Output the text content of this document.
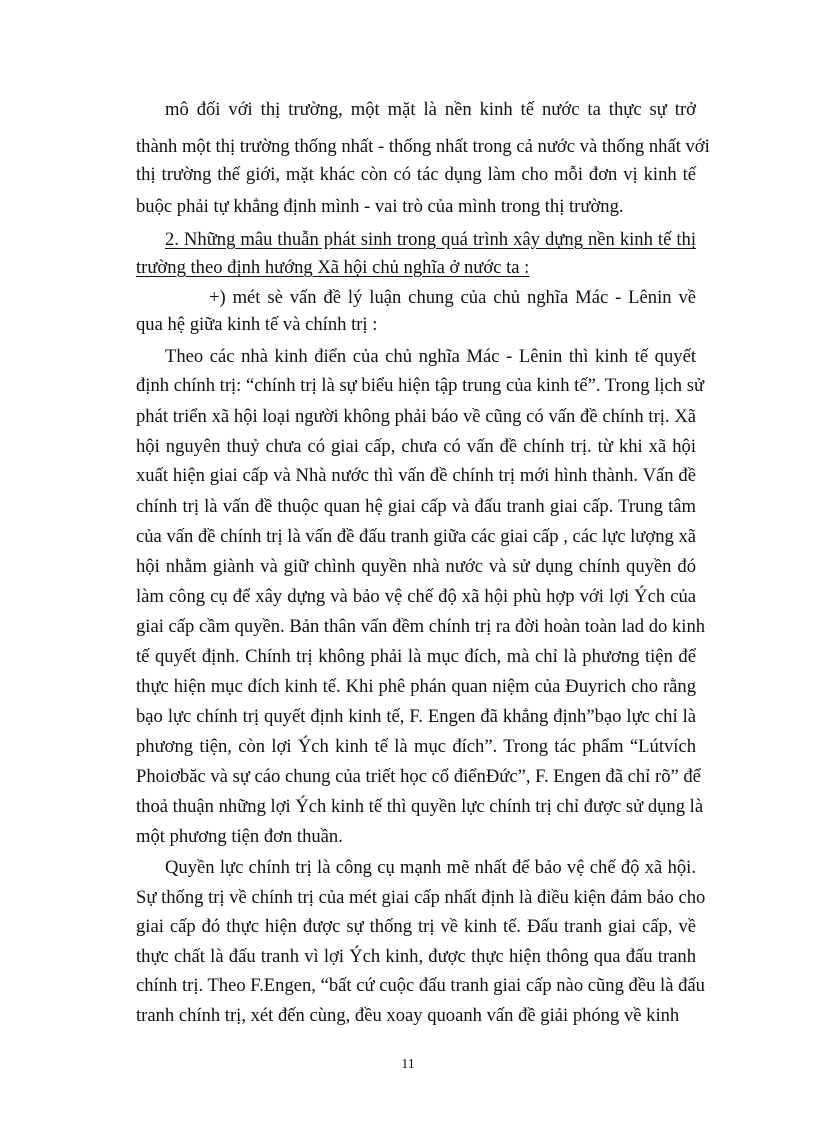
mô đối với thị trường, một mặt là nền kinh tế nước ta thực sự trở
thành một thị trường thống nhất - thống nhất trong cả nước và thống nhất với
thị trường thế giới, mặt khác còn có tác dụng làm cho mỗi đơn vị kinh tế
buộc phải tự khẳng định mình - vai trò của mình trong thị trường.
2. Những mâu thuẫn phát sinh trong quá trình xây dựng nền kinh tế thị
trường theo định hướng Xã hội chủ nghĩa ở nước ta :
+) mét sè vấn đề lý luận chung của chủ nghĩa Mác - Lênin về
qua hệ giữa kinh tế và chính trị :
Theo các nhà kinh điển của chủ nghĩa Mác - Lênin thì kinh tế quyết
định chính trị: “chính trị là sự biểu hiện tập trung của kinh tế”. Trong lịch sử
phát triển xã hội loại người không phải báo về cũng có vấn đề chính trị. Xã
hội nguyên thuỷ chưa có giai cấp, chưa có vấn đề chính trị. từ khi xã hội
xuất hiện giai cấp và Nhà nước thì vấn đề chính trị mới hình thành. Vấn đề
chính trị là vấn đề thuộc quan hệ giai cấp và đấu tranh giai cấp. Trung tâm
của vấn đề chính trị là vấn đề đấu tranh giữa các giai cấp , các lực lượng xã
hội nhằm giành và giữ chình quyền nhà nước và sử dụng chính quyền đó
làm công cụ để xây dựng và bảo vệ chế độ xã hội phù hợp với lợi Ých của
giai cấp cầm quyền. Bản thân vấn đềm chính trị ra đời hoàn toàn lad do kinh
tế quyết định. Chính trị không phải là mục đích, mà chỉ là phương tiện để
thực hiện mục đích kinh tế. Khi phê phán quan niệm của Đuyrich cho rằng
bạo lực chính trị quyết định kinh tế, F. Engen đã khẳng định”bạo lực chỉ là
phương tiện, còn lợi Ých kinh tế là mục đích”. Trong tác phẩm “Lútvích
Phoiơbăc và sự cáo chung của triết học cổ điểnĐức”, F. Engen đã chỉ rõ” để
thoả thuận những lợi Ých kinh tế thì quyền lực chính trị chỉ được sử dụng là
một phương tiện đơn thuần.
Quyền lực chính trị là công cụ mạnh mẽ nhất để bảo vệ chế độ xã hội.
Sự thống trị về chính trị của mét giai cấp nhất định là điều kiện đảm bảo cho
giai cấp đó thực hiện được sự thống trị về kinh tế. Đấu tranh giai cấp, về
thực chất là đấu tranh vì lợi Ých kinh, được thực hiện thông qua đấu tranh
chính trị. Theo F.Engen, “bất cứ cuộc đấu tranh giai cấp nào cũng đều là đấu
tranh chính trị, xét đến cùng, đều xoay quoanh vấn đề giải phóng về kinh
11
